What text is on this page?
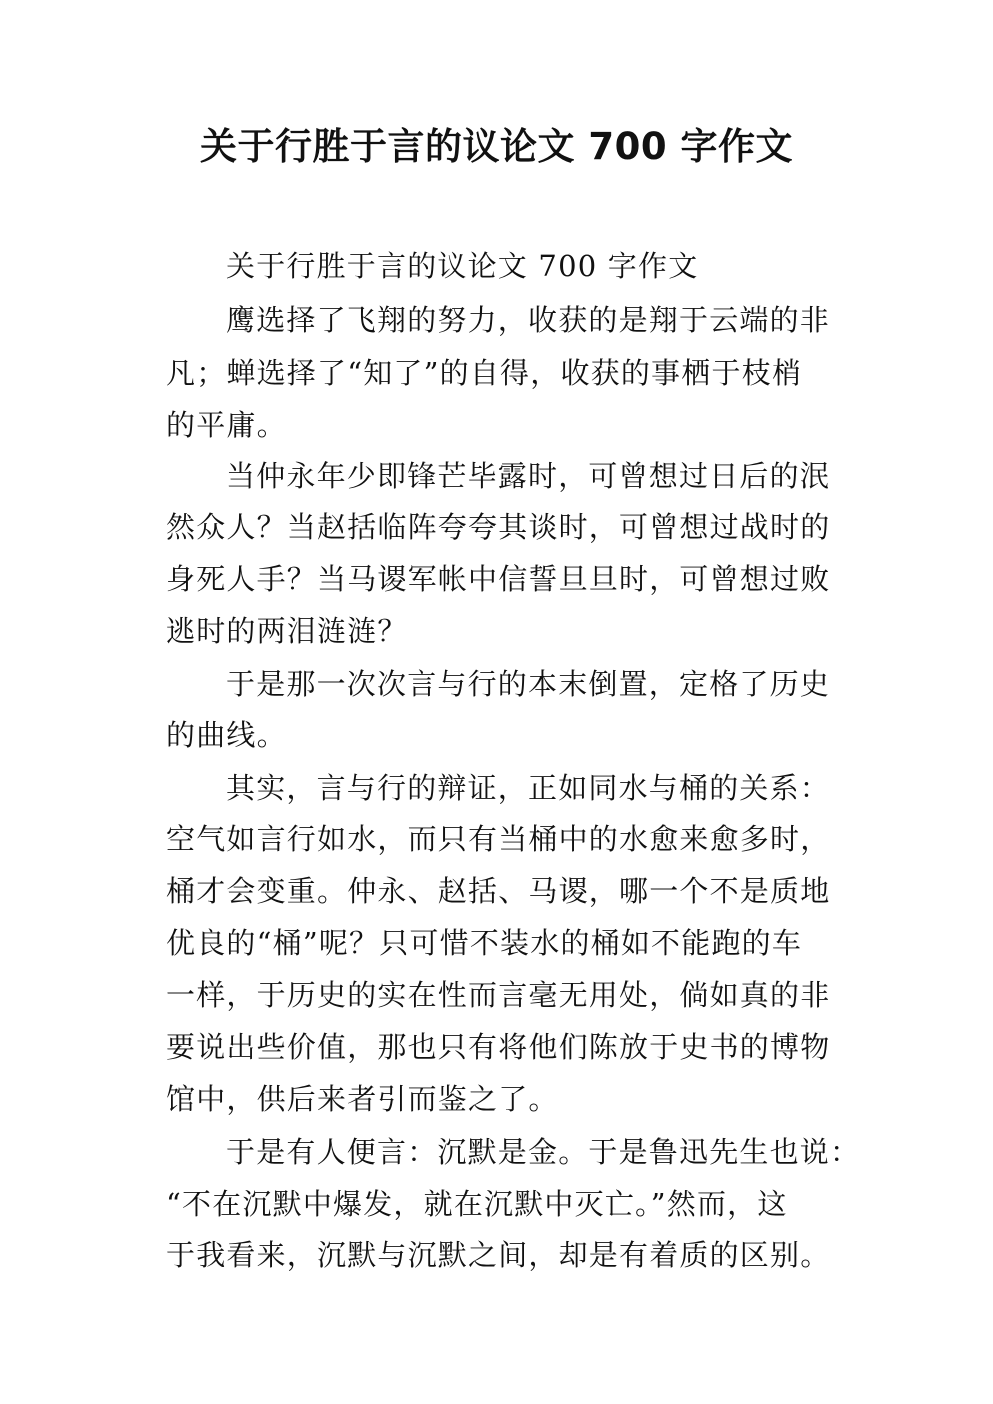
关于行胜于言的议论文 700 字作文
关于行胜于言的议论文 700 字作文
鹰选择了飞翔的努力，收获的是翔于云端的非
凡；蝉选择了“知了”的自得，收获的事栖于枝梢
的平庸。
当仲永年少即锋芒毕露时，可曾想过日后的泯
然众人？当赵括临阵夸夸其谈时，可曾想过战时的
身死人手？当马谡军帐中信誓旦旦时，可曾想过败
逃时的两泪涟涟？
于是那一次次言与行的本末倒置，定格了历史
的曲线。
其实，言与行的辩证，正如同水与桶的关系：
空气如言行如水，而只有当桶中的水愈来愈多时，
桶才会变重。仲永、赵括、马谡，哪一个不是质地
优良的“桶”呢？只可惜不装水的桶如不能跑的车
一样，于历史的实在性而言毫无用处，倘如真的非
要说出些价值，那也只有将他们陈放于史书的博物
馆中，供后来者引而鉴之了。
于是有人便言：沉默是金。于是鲁迅先生也说：
“不在沉默中爆发，就在沉默中灭亡。”然而，这
于我看来，沉默与沉默之间，却是有着质的区别。
